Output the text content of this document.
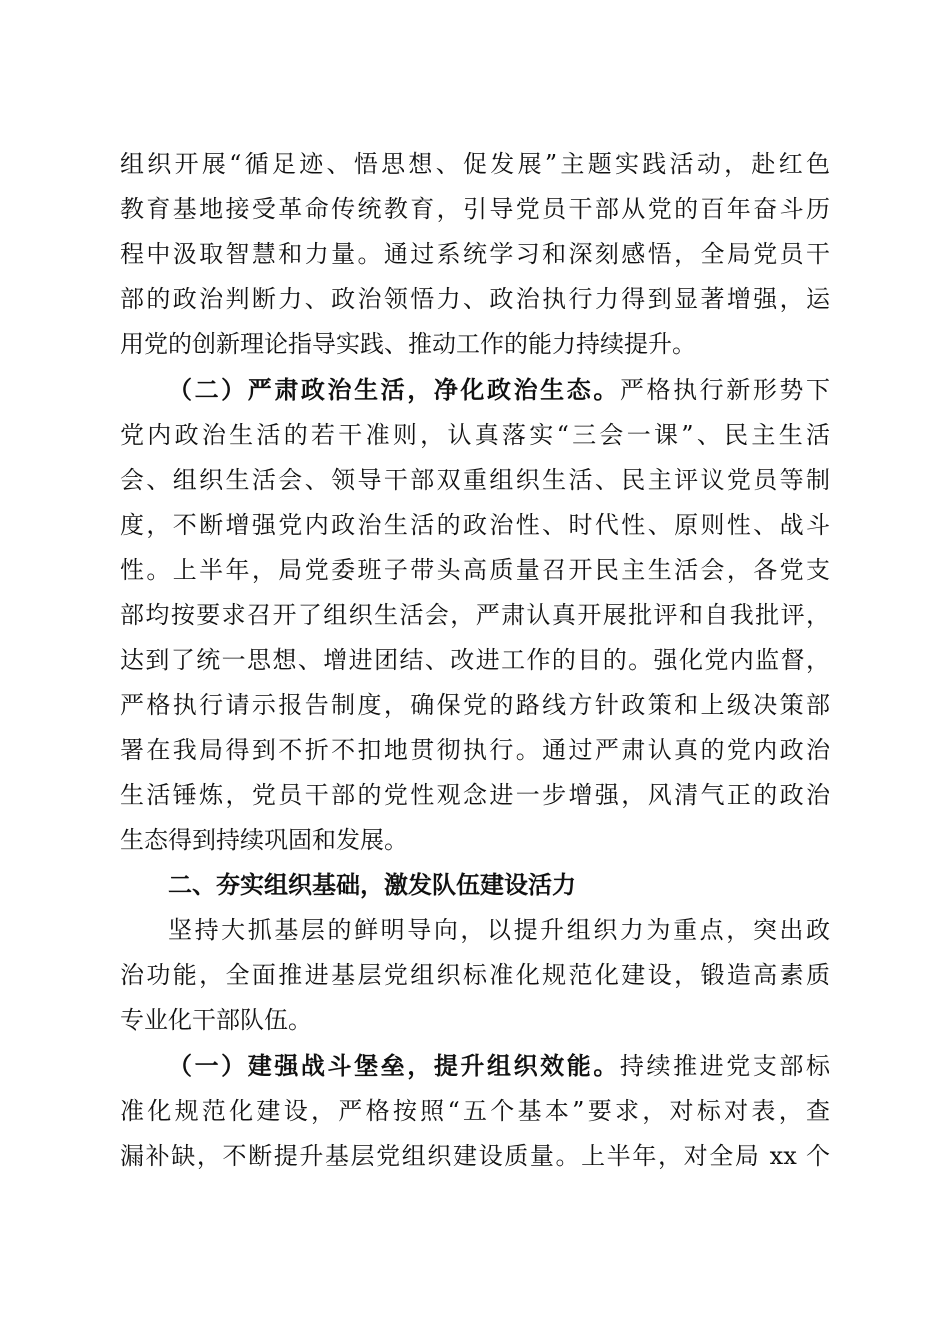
组织开展“循足迹、悟思想、促发展”主题实践活动，赴红色
教育基地接受革命传统教育，引导党员干部从党的百年奋斗历
程中汲取智慧和力量。通过系统学习和深刻感悟，全局党员干
部的政治判断力、政治领悟力、政治执行力得到显著增强，运
用党的创新理论指导实践、推动工作的能力持续提升。

（二）严肃政治生活，净化政治生态。严格执行新形势下
党内政治生活的若干准则，认真落实“三会一课”、民主生活
会、组织生活会、领导干部双重组织生活、民主评议党员等制
度，不断增强党内政治生活的政治性、时代性、原则性、战斗
性。上半年，局党委班子带头高质量召开民主生活会，各党支
部均按要求召开了组织生活会，严肃认真开展批评和自我批评，
达到了统一思想、增进团结、改进工作的目的。强化党内监督，
严格执行请示报告制度，确保党的路线方针政策和上级决策部
署在我局得到不折不扣地贯彻执行。通过严肃认真的党内政治
生活锤炼，党员干部的党性观念进一步增强，风清气正的政治
生态得到持续巩固和发展。

二、夯实组织基础，激发队伍建设活力

坚持大抓基层的鲜明导向，以提升组织力为重点，突出政
治功能，全面推进基层党组织标准化规范化建设，锻造高素质
专业化干部队伍。

（一）建强战斗堡垒，提升组织效能。持续推进党支部标
准化规范化建设，严格按照“五个基本”要求，对标对表，查
漏补缺，不断提升基层党组织建设质量。上半年，对全局 xx 个
